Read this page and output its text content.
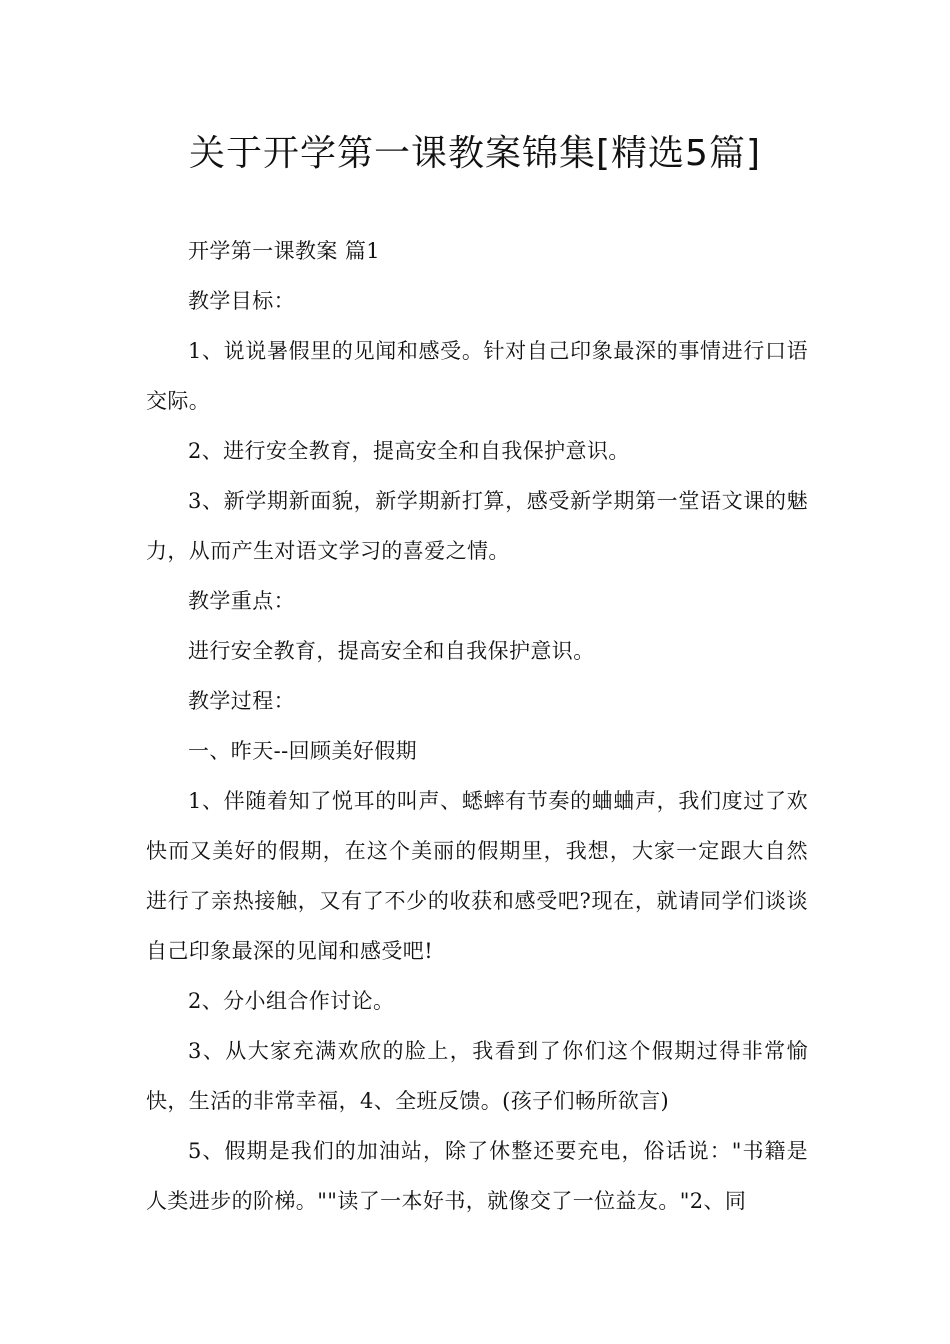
关于开学第一课教案锦集[精选5篇]

开学第一课教案 篇1

教学目标：

1、说说暑假里的见闻和感受。针对自己印象最深的事情进行口语交际。

2、进行安全教育，提高安全和自我保护意识。

3、新学期新面貌，新学期新打算，感受新学期第一堂语文课的魅力，从而产生对语文学习的喜爱之情。

教学重点：

进行安全教育，提高安全和自我保护意识。

教学过程：

一、昨天--回顾美好假期

1、伴随着知了悦耳的叫声、蟋蟀有节奏的蛐蛐声，我们度过了欢快而又美好的假期，在这个美丽的假期里，我想，大家一定跟大自然进行了亲热接触，又有了不少的收获和感受吧?现在，就请同学们谈谈自己印象最深的见闻和感受吧!

2、分小组合作讨论。

3、从大家充满欢欣的脸上，我看到了你们这个假期过得非常愉快，生活的非常幸福，4、全班反馈。(孩子们畅所欲言)

5、假期是我们的加油站，除了休整还要充电，俗话说："书籍是人类进步的阶梯。""读了一本好书，就像交了一位益友。"2、同
